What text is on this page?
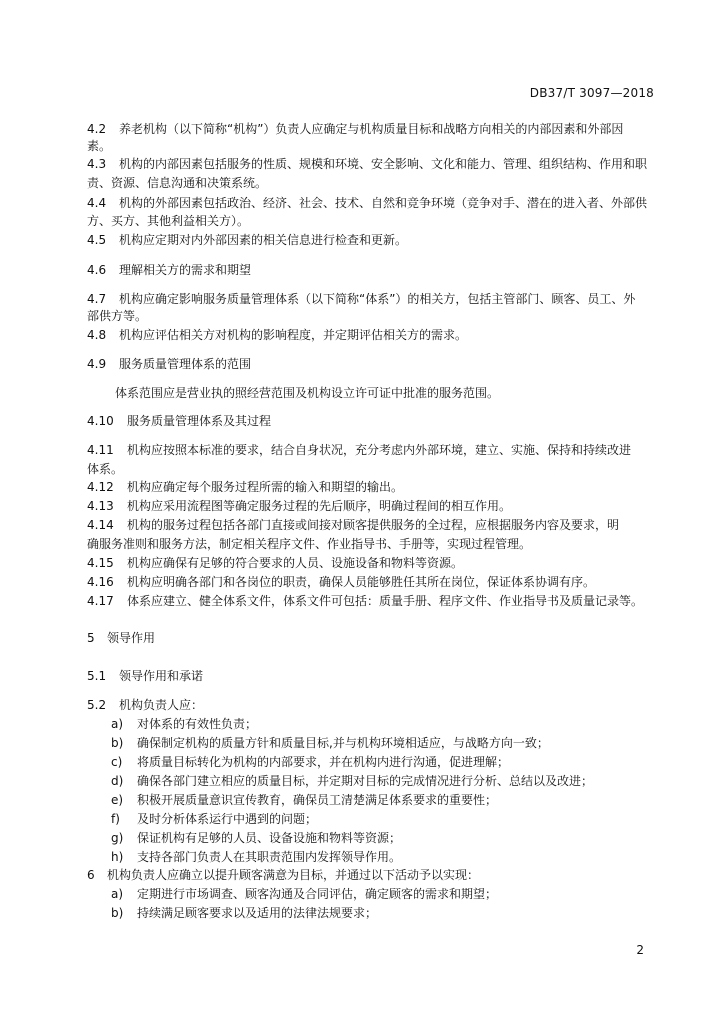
DB37/T 3097—2018
4.2 养老机构（以下简称“机构”）负责人应确定与机构质量目标和战略方向相关的内部因素和外部因
素。
4.3 机构的内部因素包括服务的性质、规模和环境、安全影响、文化和能力、管理、组织结构、作用和职
责、资源、信息沟通和决策系统。
4.4 机构的外部因素包括政治、经济、社会、技术、自然和竞争环境（竞争对手、潜在的进入者、外部供
方、买方、其他利益相关方）。
4.5 机构应定期对内外部因素的相关信息进行检查和更新。
4.6 理解相关方的需求和期望
4.7 机构应确定影响服务质量管理体系（以下简称“体系”）的相关方，包括主管部门、顾客、员工、外
部供方等。
4.8 机构应评估相关方对机构的影响程度，并定期评估相关方的需求。
4.9 服务质量管理体系的范围
体系范围应是营业执的照经营范围及机构设立许可证中批准的服务范围。
4.10 服务质量管理体系及其过程
4.11 机构应按照本标准的要求，结合自身状况，充分考虑内外部环境，建立、实施、保持和持续改进
体系。
4.12 机构应确定每个服务过程所需的输入和期望的输出。
4.13 机构应采用流程图等确定服务过程的先后顺序，明确过程间的相互作用。
4.14 机构的服务过程包括各部门直接或间接对顾客提供服务的全过程，应根据服务内容及要求，明
确服务准则和服务方法，制定相关程序文件、作业指导书、手册等，实现过程管理。
4.15 机构应确保有足够的符合要求的人员、设施设备和物料等资源。
4.16 机构应明确各部门和各岗位的职责，确保人员能够胜任其所在岗位，保证体系协调有序。
4.17 体系应建立、健全体系文件，体系文件可包括：质量手册、程序文件、作业指导书及质量记录等。
5 领导作用
5.1 领导作用和承诺
5.2 机构负责人应：
a) 对体系的有效性负责；
b) 确保制定机构的质量方针和质量目标,并与机构环境相适应，与战略方向一致；
c) 将质量目标转化为机构的内部要求，并在机构内进行沟通，促进理解；
d) 确保各部门建立相应的质量目标，并定期对目标的完成情况进行分析、总结以及改进；
e) 积极开展质量意识宣传教育，确保员工清楚满足体系要求的重要性；
f) 及时分析体系运行中遇到的问题；
g) 保证机构有足够的人员、设备设施和物料等资源；
h) 支持各部门负责人在其职责范围内发挥领导作用。
6 机构负责人应确立以提升顾客满意为目标，并通过以下活动予以实现：
a) 定期进行市场调查、顾客沟通及合同评估，确定顾客的需求和期望；
b) 持续满足顾客要求以及适用的法律法规要求；
2
